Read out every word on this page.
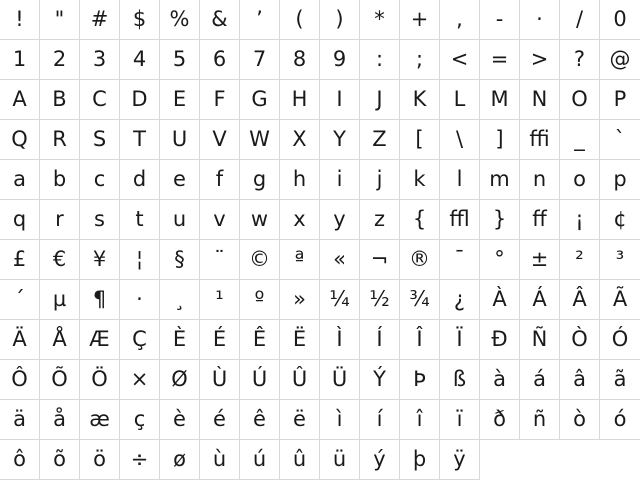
! " # $ % & ’ ( ) * + , - · / 0
1 2 3 4 5 6 7 8 9 : ; < = > ? @
A B C D E F G H I J K L M N O P
Q R S T U V W X Y Z [ \ ] ffi _ `
a b c d e f g h i j k l m n o p
q r s t u v w x y z { ffl } ff ¡ ¢
£ € ¥ ¦ § ¨ © ª « ¬ ® ¯ ° ± ² ³
´ µ ¶ · ¸ ¹ º » ¼ ½ ¾ ¿ À Á Â Ã
Ä Å Æ Ç È É Ê Ë Ì Í Î Ï Ð Ñ Ò Ó
Ô Õ Ö × Ø Ù Ú Û Ü Ý Þ ß à á â ã
ä å æ ç è é ê ë ì í î ï ð ñ ò ó
ô õ ö ÷ ø ù ú û ü ý þ ÿ
